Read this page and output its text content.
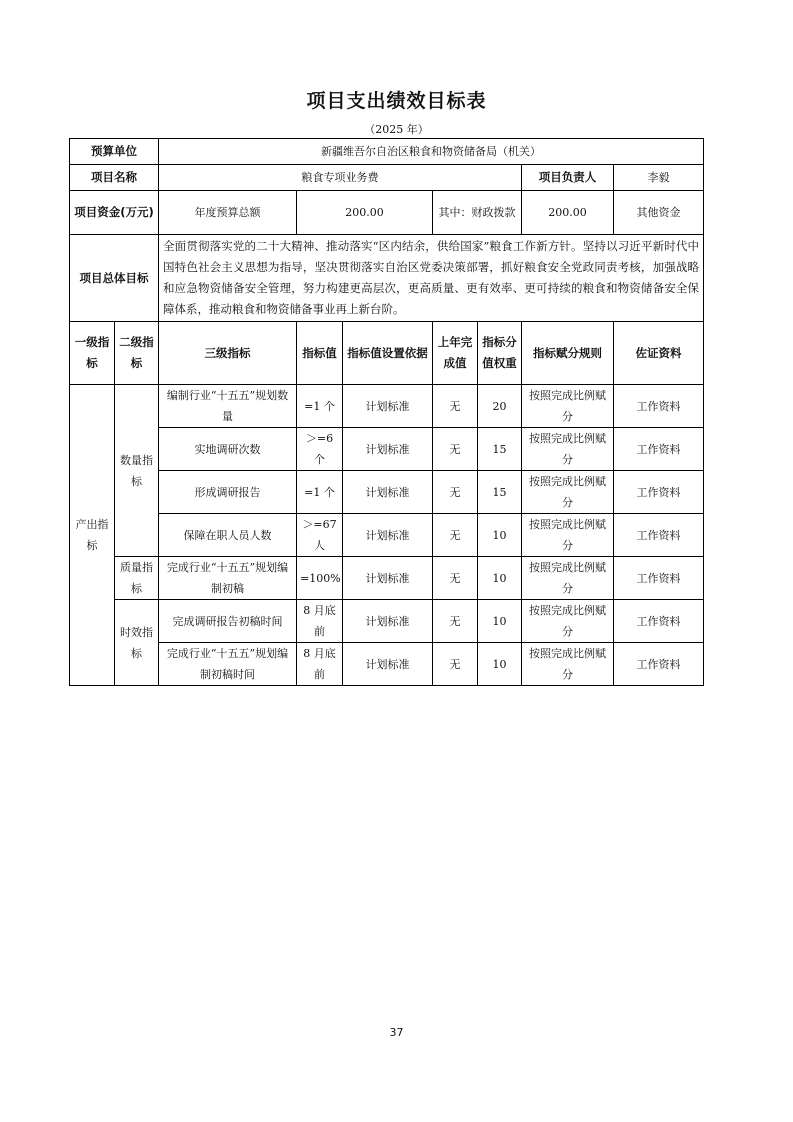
项目支出绩效目标表
（2025 年）
预算单位		新疆维吾尔自治区粮食和物资储备局（机关）						
项目名称		粮食专项业务费					项目负责人	李毅
项目资金(万元)		年度预算总额	200.00		其中：财政拨款		200.00	其他资金
项目总体目标		全面贯彻落实党的二十大精神、推动落实“区内结余，供给国家”粮食工作新方针。坚持以习近平新时代中国特色社会主义思想为指导，坚决贯彻落实自治区党委决策部署，抓好粮食安全党政同责考核，加强战略和应急物资储备安全管理，努力构建更高层次，更高质量、更有效率、更可持续的粮食和物资储备安全保障体系，推动粮食和物资储备事业再上新台阶。						
一级指标	二级指标	三级指标	指标值	指标值设置依据	上年完成值	指标分值权重	指标赋分规则	佐证资料
产出指标	数量指标	编制行业“十五五”规划数量	=1 个	计划标准	无	20	按照完成比例赋分	工作资料
		实地调研次数	＞=6 个	计划标准	无	15	按照完成比例赋分	工作资料
		形成调研报告	=1 个	计划标准	无	15	按照完成比例赋分	工作资料
		保障在职人员人数	＞=67 人	计划标准	无	10	按照完成比例赋分	工作资料
	质量指标	完成行业“十五五”规划编制初稿	=100%	计划标准	无	10	按照完成比例赋分	工作资料
	时效指标	完成调研报告初稿时间	8 月底前	计划标准	无	10	按照完成比例赋分	工作资料
		完成行业“十五五”规划编制初稿时间	8 月底前	计划标准	无	10	按照完成比例赋分	工作资料
37
